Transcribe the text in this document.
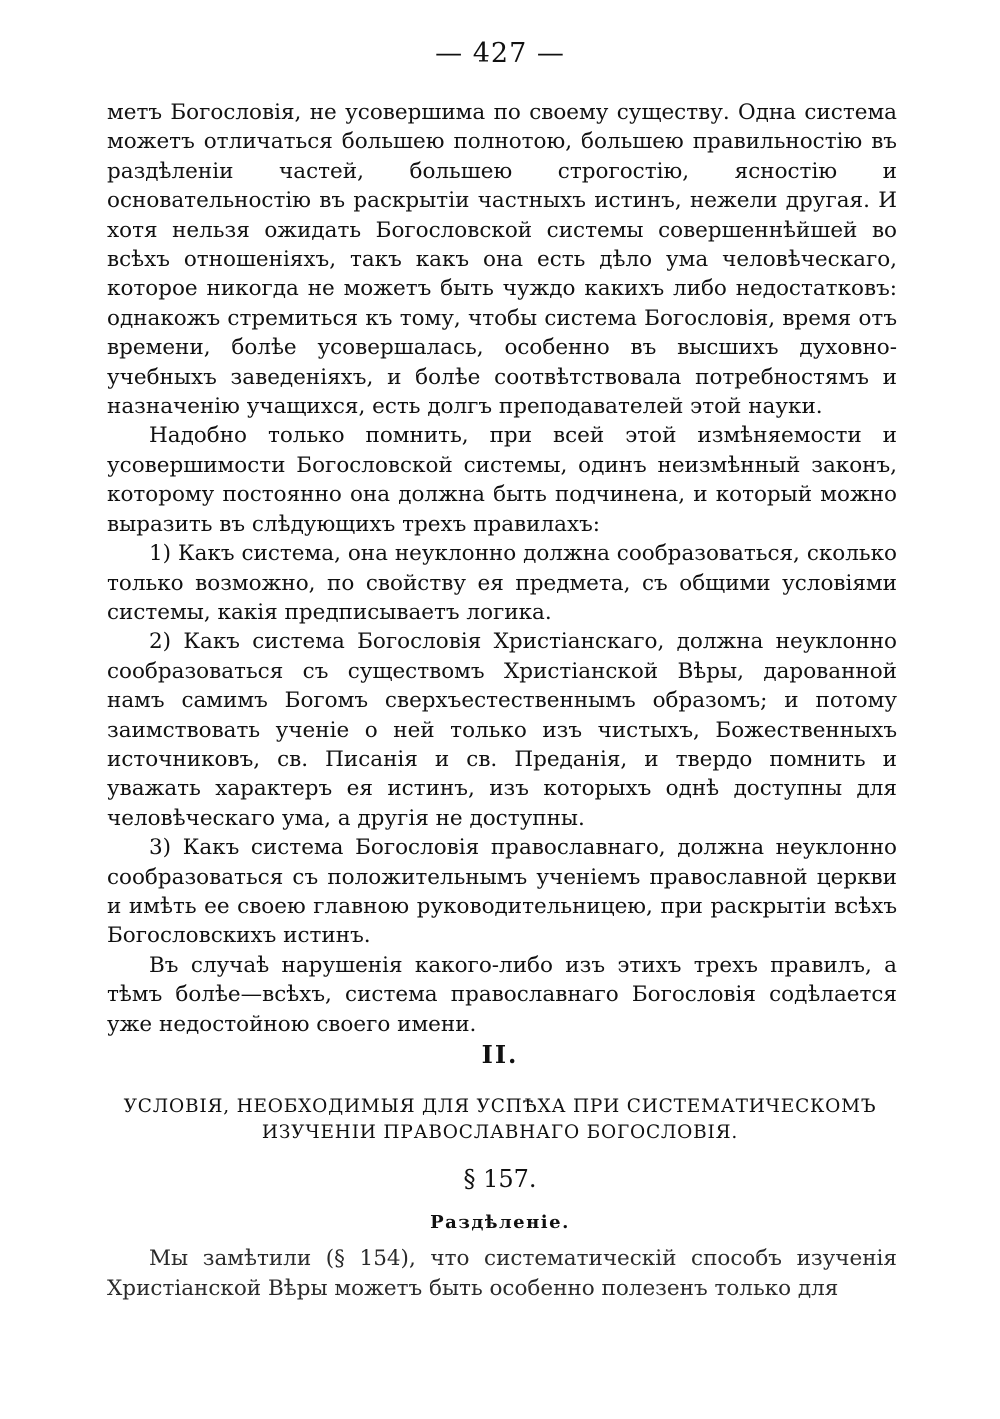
— 427 —

метъ Богословія, не усовершима по своему существу. Одна система можетъ отличаться большею полнотою, большею правильностію въ раздѣленіи частей, большею строгостію, ясностію и основательностію въ раскрытіи частныхъ истинъ, нежели другая. И хотя нельзя ожидать Богословской системы совершеннѣйшей во всѣхъ отношеніяхъ, такъ какъ она есть дѣло ума человѣческаго, которое никогда не можетъ быть чуждо какихъ либо недостатковъ: однакожъ стремиться къ тому, чтобы система Богословія, время отъ времени, болѣе усовершалась, особенно въ высшихъ духовно-учебныхъ заведеніяхъ, и болѣе соотвѣтствовала потребностямъ и назначенію учащихся, есть долгъ преподавателей этой науки.

Надобно только помнить, при всей этой измѣняемости и усовершимости Богословской системы, одинъ неизмѣнный законъ, которому постоянно она должна быть подчинена, и который можно выразить въ слѣдующихъ трехъ правилахъ:

1) Какъ система, она неуклонно должна сообразоваться, сколько только возможно, по свойству ея предмета, съ общими условіями системы, какія предписываетъ логика.

2) Какъ система Богословія Христіанскаго, должна неуклонно сообразоваться съ существомъ Христіанской Вѣры, дарованной намъ самимъ Богомъ сверхъестественнымъ образомъ; и потому заимствовать ученіе о ней только изъ чистыхъ, Божественныхъ источниковъ, св. Писанія и св. Преданія, и твердо помнить и уважать характеръ ея истинъ, изъ которыхъ однѣ доступны для человѣческаго ума, а другія не доступны.

3) Какъ система Богословія православнаго, должна неуклонно сообразоваться съ положительнымъ ученіемъ православной церкви и имѣть ее своею главною руководительницею, при раскрытіи всѣхъ Богословскихъ истинъ.

Въ случаѣ нарушенія какого-либо изъ этихъ трехъ правилъ, а тѣмъ болѣе—всѣхъ, система православнаго Богословія содѣлается уже недостойною своего имени.

II.
УСЛОВІЯ, НЕОБХОДИМЫЯ ДЛЯ УСПѢХА ПРИ СИСТЕМАТИЧЕСКОМЪ
ИЗУЧЕНІИ ПРАВОСЛАВНАГО БОГОСЛОВІЯ.
§ 157.
Раздѣленіе.

Мы замѣтили (§ 154), что систематическій способъ изученія Христіанской Вѣры можетъ быть особенно полезенъ только для
